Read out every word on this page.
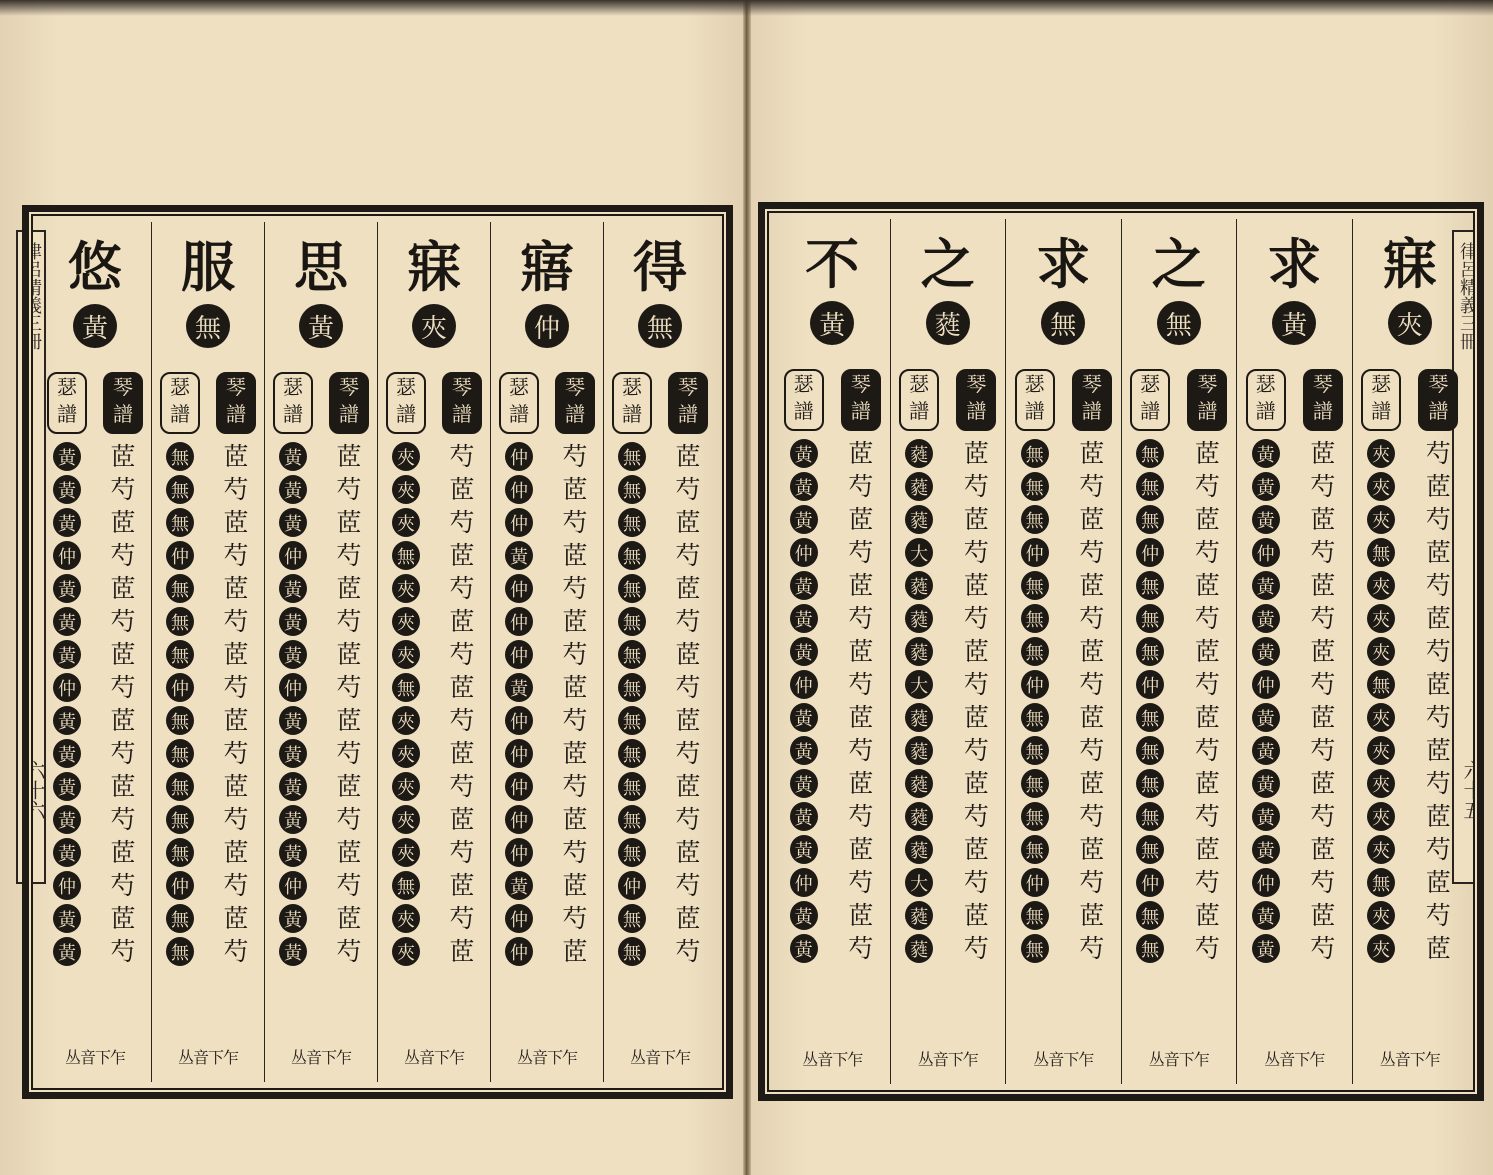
律呂精義三冊
六十五
律呂精義三冊
六十六
得
無
琴譜
茝
芍
茝
芍
茝
芍
茝
芍
茝
芍
茝
芍
茝
芍
茝
芍
瑟譜
無
無
無
無
無
無
無
無
無
無
無
無
無
仲
無
無
丛音下乍
寤
仲
琴譜
芍
茝
芍
茝
芍
茝
芍
茝
芍
茝
芍
茝
芍
茝
芍
茝
瑟譜
仲
仲
仲
黃
仲
仲
仲
黃
仲
仲
仲
仲
仲
黃
仲
仲
丛音下乍
寐
夾
琴譜
芍
茝
芍
茝
芍
茝
芍
茝
芍
茝
芍
茝
芍
茝
芍
茝
瑟譜
夾
夾
夾
無
夾
夾
夾
無
夾
夾
夾
夾
夾
無
夾
夾
丛音下乍
思
黃
琴譜
茝
芍
茝
芍
茝
芍
茝
芍
茝
芍
茝
芍
茝
芍
茝
芍
瑟譜
黃
黃
黃
仲
黃
黃
黃
仲
黃
黃
黃
黃
黃
仲
黃
黃
丛音下乍
服
無
琴譜
茝
芍
茝
芍
茝
芍
茝
芍
茝
芍
茝
芍
茝
芍
茝
芍
瑟譜
無
無
無
仲
無
無
無
仲
無
無
無
無
無
仲
無
無
丛音下乍
悠
黃
琴譜
茝
芍
茝
芍
茝
芍
茝
芍
茝
芍
茝
芍
茝
芍
茝
芍
瑟譜
黃
黃
黃
仲
黃
黃
黃
仲
黃
黃
黃
黃
黃
仲
黃
黃
丛音下乍
寐
夾
琴譜
芍
茝
芍
茝
芍
茝
芍
茝
芍
茝
芍
茝
芍
茝
芍
茝
瑟譜
夾
夾
夾
無
夾
夾
夾
無
夾
夾
夾
夾
夾
無
夾
夾
丛音下乍
求
黃
琴譜
茝
芍
茝
芍
茝
芍
茝
芍
茝
芍
茝
芍
茝
芍
茝
芍
瑟譜
黃
黃
黃
仲
黃
黃
黃
仲
黃
黃
黃
黃
黃
仲
黃
黃
丛音下乍
之
無
琴譜
茝
芍
茝
芍
茝
芍
茝
芍
茝
芍
茝
芍
茝
芍
茝
芍
瑟譜
無
無
無
仲
無
無
無
仲
無
無
無
無
無
仲
無
無
丛音下乍
求
無
琴譜
茝
芍
茝
芍
茝
芍
茝
芍
茝
芍
茝
芍
茝
芍
茝
芍
瑟譜
無
無
無
仲
無
無
無
仲
無
無
無
無
無
仲
無
無
丛音下乍
之
蕤
琴譜
茝
芍
茝
芍
茝
芍
茝
芍
茝
芍
茝
芍
茝
芍
茝
芍
瑟譜
蕤
蕤
蕤
大
蕤
蕤
蕤
大
蕤
蕤
蕤
蕤
蕤
大
蕤
蕤
丛音下乍
不
黃
琴譜
茝
芍
茝
芍
茝
芍
茝
芍
茝
芍
茝
芍
茝
芍
茝
芍
瑟譜
黃
黃
黃
仲
黃
黃
黃
仲
黃
黃
黃
黃
黃
仲
黃
黃
丛音下乍
